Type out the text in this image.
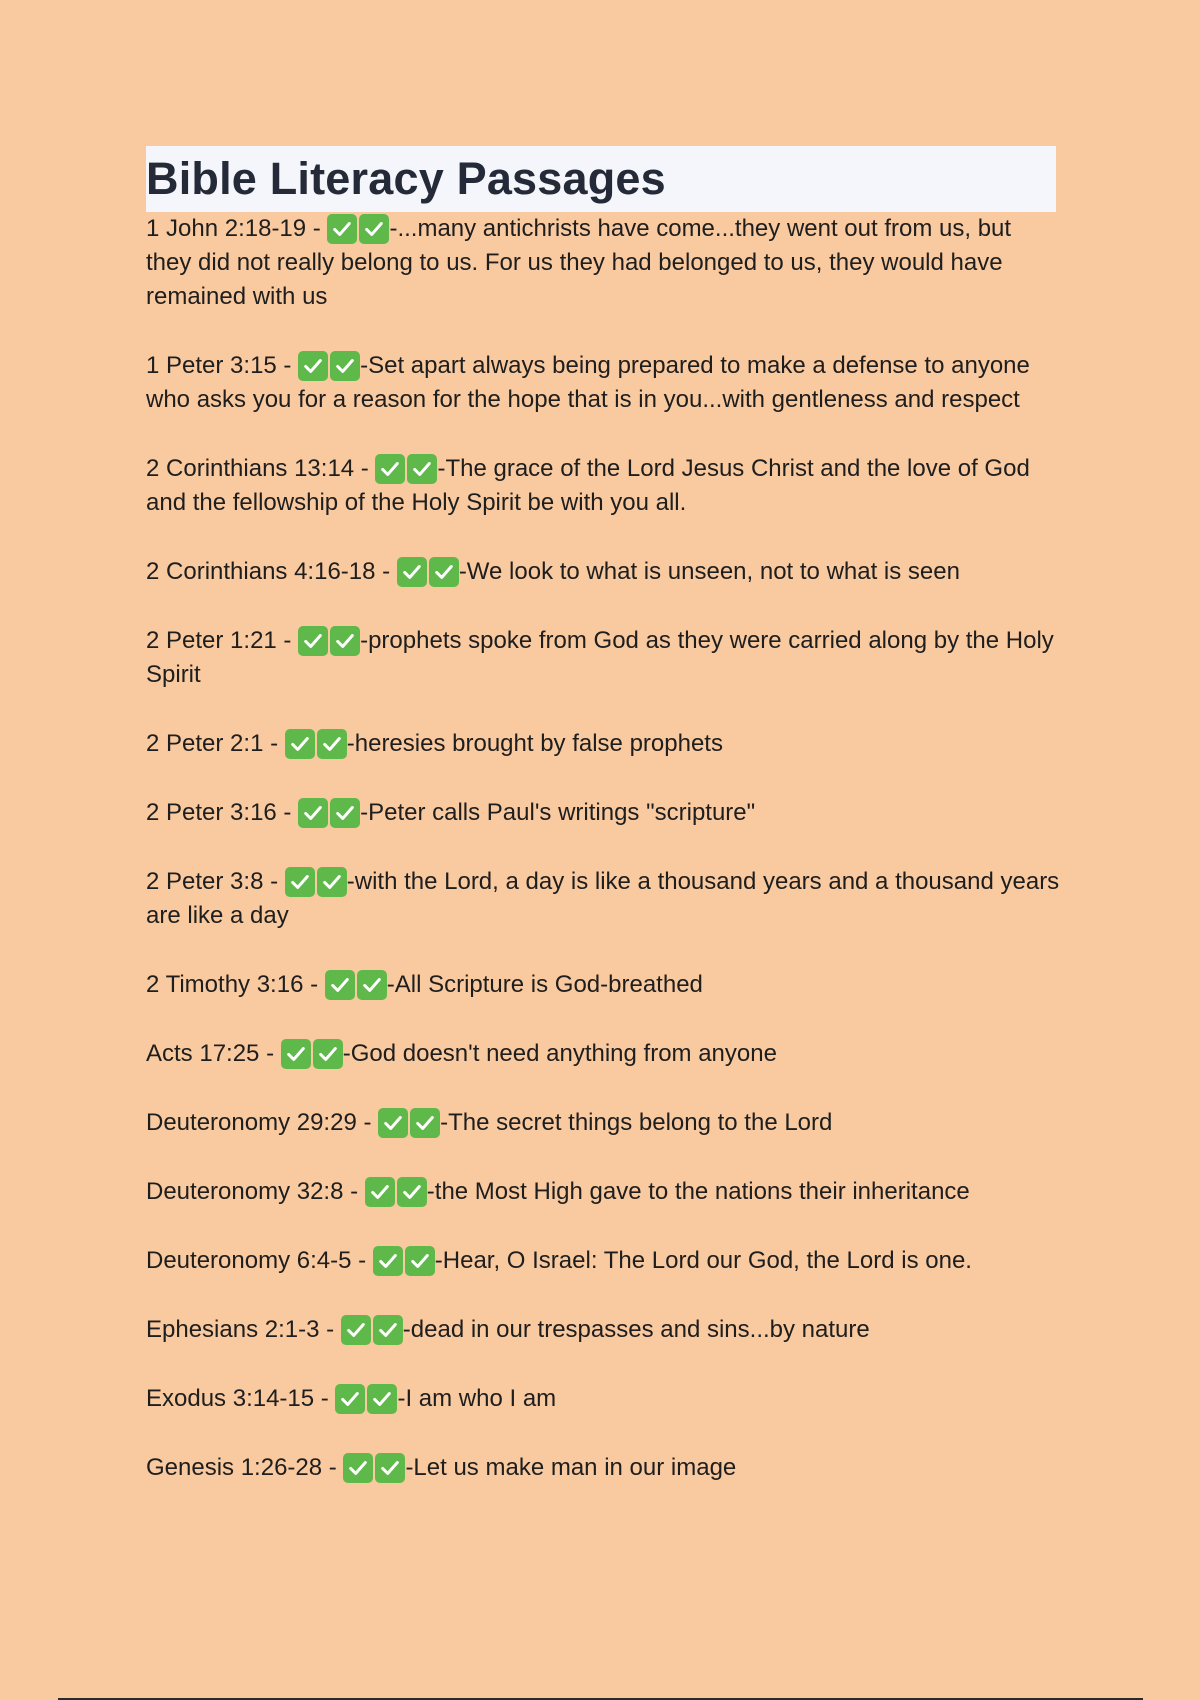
Bible Literacy Passages

1 John 2:18-19 -	-...many antichrists have come...they went out from us, but they did not really belong to us. For us they had belonged to us, they would have remained with us

1 Peter 3:15 -	-Set apart always being prepared to make a defense to anyone who asks you for a reason for the hope that is in you...with gentleness and respect

2 Corinthians 13:14 -	-The grace of the Lord Jesus Christ and the love of God and the fellowship of the Holy Spirit be with you all.

2 Corinthians 4:16-18 -	-We look to what is unseen, not to what is seen

2 Peter 1:21 -	-prophets spoke from God as they were carried along by the Holy Spirit

2 Peter 2:1 -	-heresies brought by false prophets

2 Peter 3:16 -	-Peter calls Paul's writings "scripture"

2 Peter 3:8 -	-with the Lord, a day is like a thousand years and a thousand years are like a day

2 Timothy 3:16 -	-All Scripture is God-breathed

Acts 17:25 -	-God doesn't need anything from anyone

Deuteronomy 29:29 -	-The secret things belong to the Lord

Deuteronomy 32:8 -	-the Most High gave to the nations their inheritance

Deuteronomy 6:4-5 -	-Hear, O Israel: The Lord our God, the Lord is one.

Ephesians 2:1-3 -	-dead in our trespasses and sins...by nature

Exodus 3:14-15 -	-I am who I am

Genesis 1:26-28 -	-Let us make man in our image
